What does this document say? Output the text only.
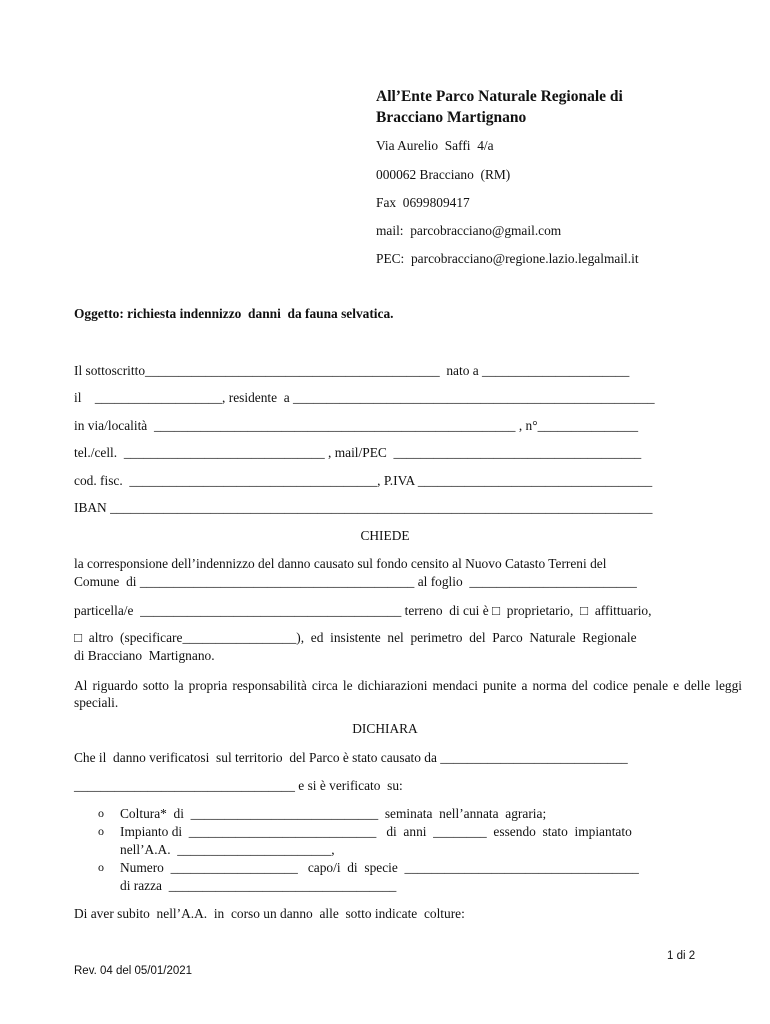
All’Ente Parco Naturale Regionale di
Bracciano Martignano
Via Aurelio  Saffi  4/a
000062 Bracciano  (RM)
Fax  0699809417
mail:  parcobracciano@gmail.com
PEC:  parcobracciano@regione.lazio.legalmail.it
Oggetto: richiesta indennizzo  danni  da fauna selvatica.
Il sottoscritto____________________________________________  nato a ______________________
il    ___________________, residente  a ______________________________________________________
in via/località  ______________________________________________________ , n°_______________
tel./cell.  ______________________________ , mail/PEC  _____________________________________
cod. fisc.  _____________________________________, P.IVA ___________________________________
IBAN _________________________________________________________________________________
CHIEDE
la corresponsione dell’indennizzo del danno causato sul fondo censito al Nuovo Catasto Terreni del
Comune  di _________________________________________ al foglio  _________________________
particella/e  _______________________________________ terreno  di cui è □  proprietario,  □  affittuario,
□  altro  (specificare_________________),  ed  insistente  nel  perimetro  del  Parco  Naturale  Regionale
di Bracciano  Martignano.
Al riguardo sotto la propria responsabilità circa le dichiarazioni mendaci punite a norma del codice penale e delle leggi speciali.
DICHIARA
Che il  danno verificatosi  sul territorio  del Parco è stato causato da ____________________________
_________________________________ e si è verificato  su:
o Coltura*  di  ____________________________  seminata  nell’annata  agraria;
o Impianto di  ____________________________   di  anni  ________  essendo  stato  impiantato
nell’A.A.  _______________________,
o Numero  ___________________   capo/i  di  specie  ___________________________________
di razza  __________________________________
Di aver subito  nell’A.A.  in  corso un danno  alle  sotto indicate  colture:
1 di 2
Rev. 04 del 05/01/2021
